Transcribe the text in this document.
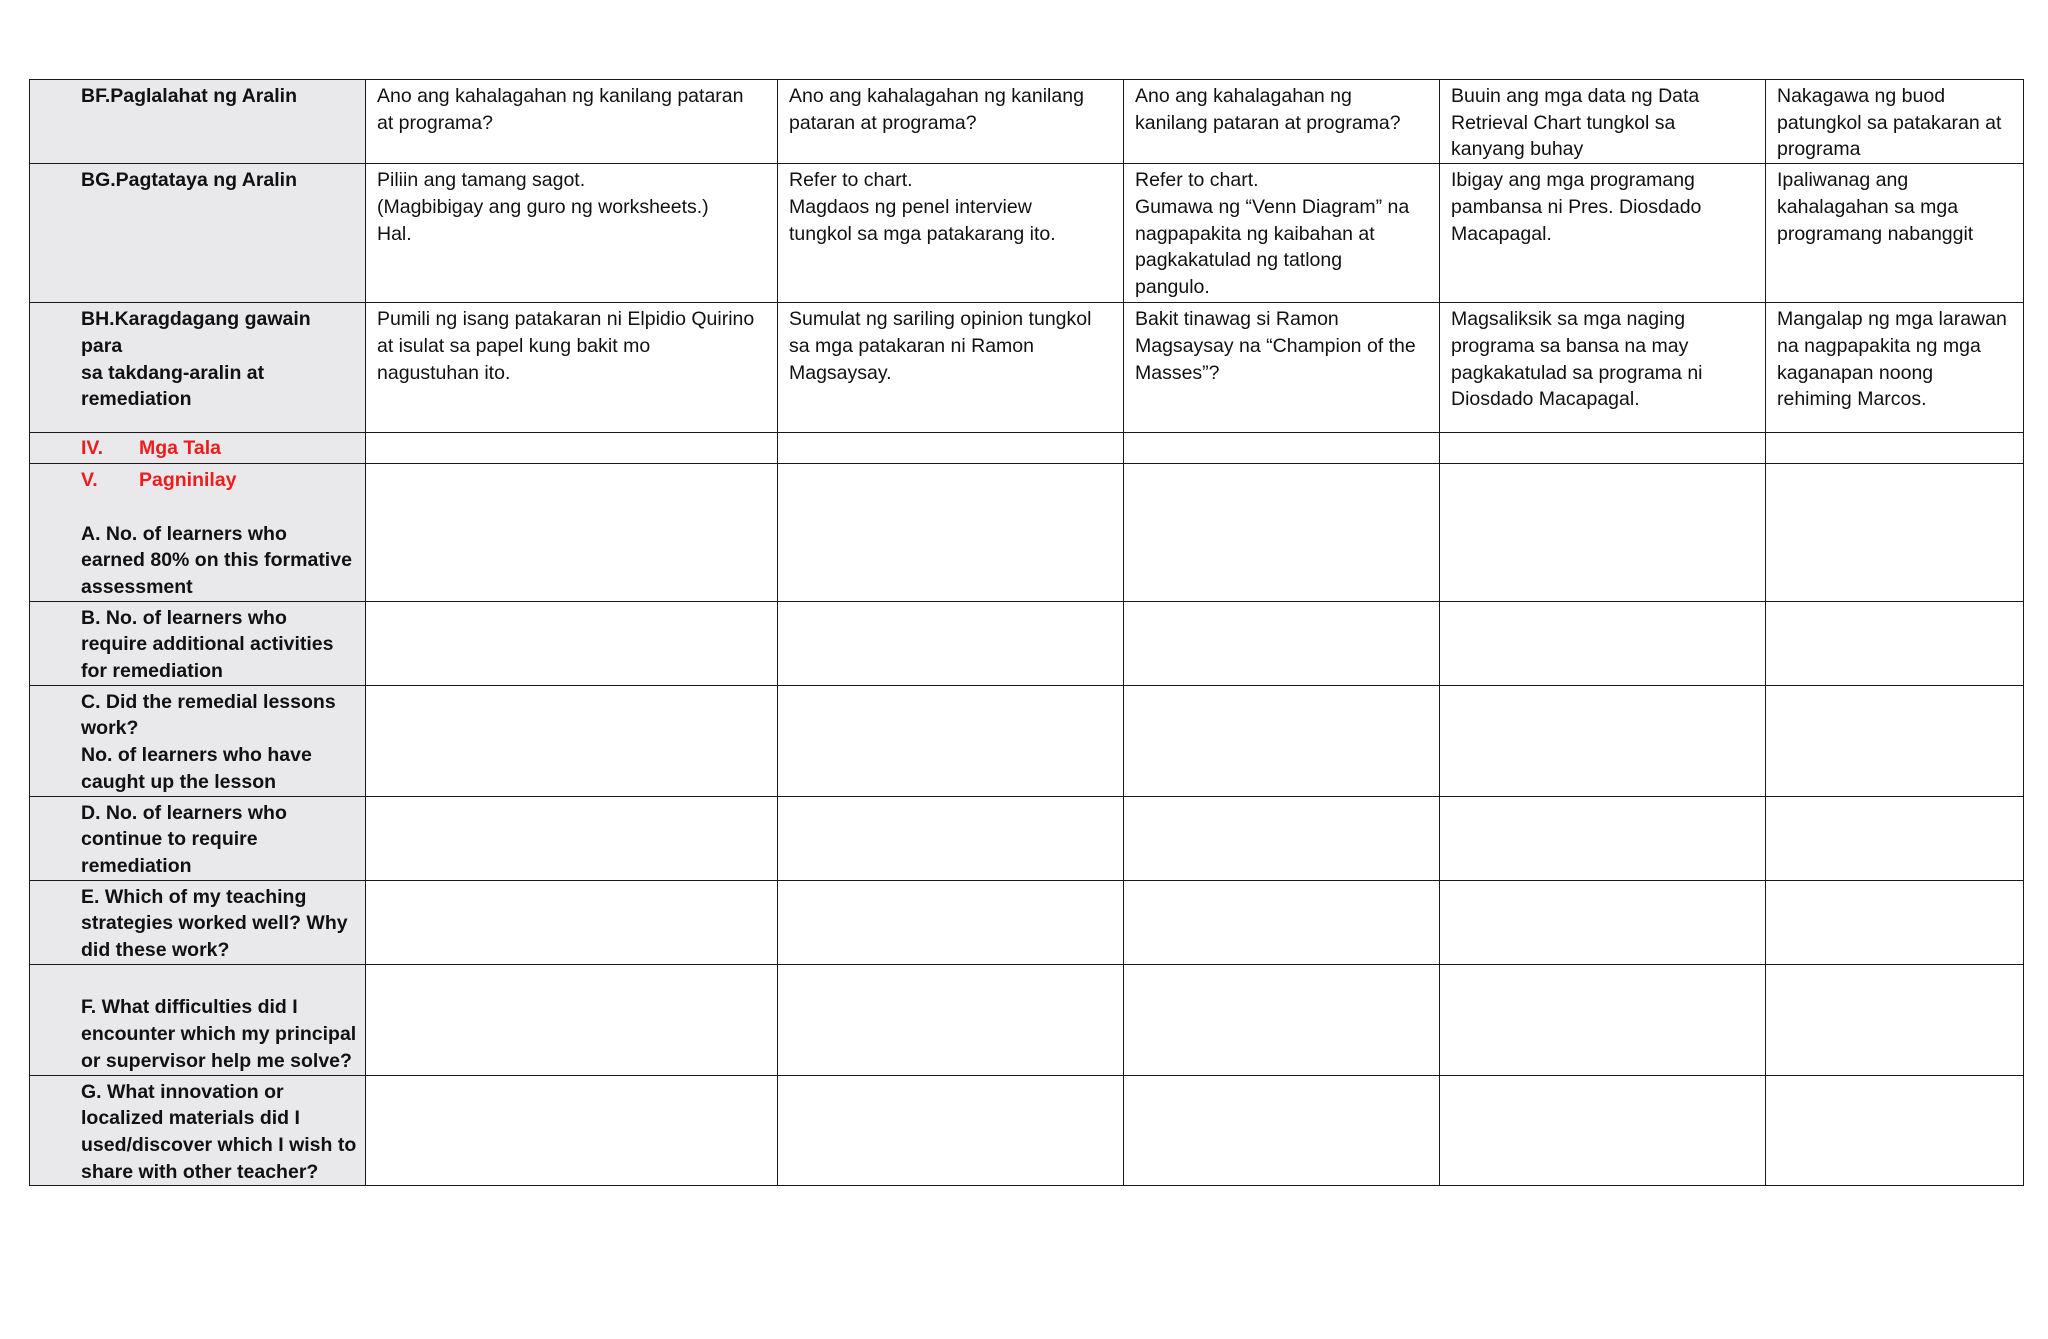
BF.Paglalahat ng Aralin	Ano ang kahalagahan ng kanilang pataran
at programa?	Ano ang kahalagahan ng kanilang
pataran at programa?	Ano ang kahalagahan ng
kanilang pataran at programa?	Buuin ang mga data ng Data
Retrieval Chart tungkol sa
kanyang buhay	Nakagawa ng buod
patungkol sa patakaran at
programa

BG.Pagtataya ng Aralin	Piliin ang tamang sagot.
(Magbibigay ang guro ng worksheets.)
Hal.	Refer to chart.
Magdaos ng penel interview
tungkol sa mga patakarang ito.	Refer to chart.
Gumawa ng “Venn Diagram” na
nagpapakita ng kaibahan at
pagkakatulad ng tatlong
pangulo.	Ibigay ang mga programang
pambansa ni Pres. Diosdado
Macapagal.	Ipaliwanag ang
kahalagahan sa mga
programang nabanggit

BH.Karagdagang gawain para
sa takdang-aralin at
remediation	Pumili ng isang patakaran ni Elpidio Quirino
at isulat sa papel kung bakit mo
nagustuhan ito.	Sumulat ng sariling opinion tungkol
sa mga patakaran ni Ramon
Magsaysay.	Bakit tinawag si Ramon
Magsaysay na “Champion of the
Masses”?	Magsaliksik sa mga naging
programa sa bansa na may
pagkakatulad sa programa ni
Diosdado Macapagal.	Mangalap ng mga larawan
na nagpapakita ng mga
kaganapan noong
rehiming Marcos.

IV. Mga Tala					

V. Pagninilay
A. No. of learners who
earned 80% on this formative
assessment					

B. No. of learners who
require additional activities
for remediation					

C. Did the remedial lessons
work?
No. of learners who have
caught up the lesson					

D. No. of learners who
continue to require
remediation					

E. Which of my teaching
strategies worked well? Why
did these work?					

F. What difficulties did I
encounter which my principal
or supervisor help me solve?					

G. What innovation or
localized materials did I
used/discover which I wish to
share with other teacher?					
